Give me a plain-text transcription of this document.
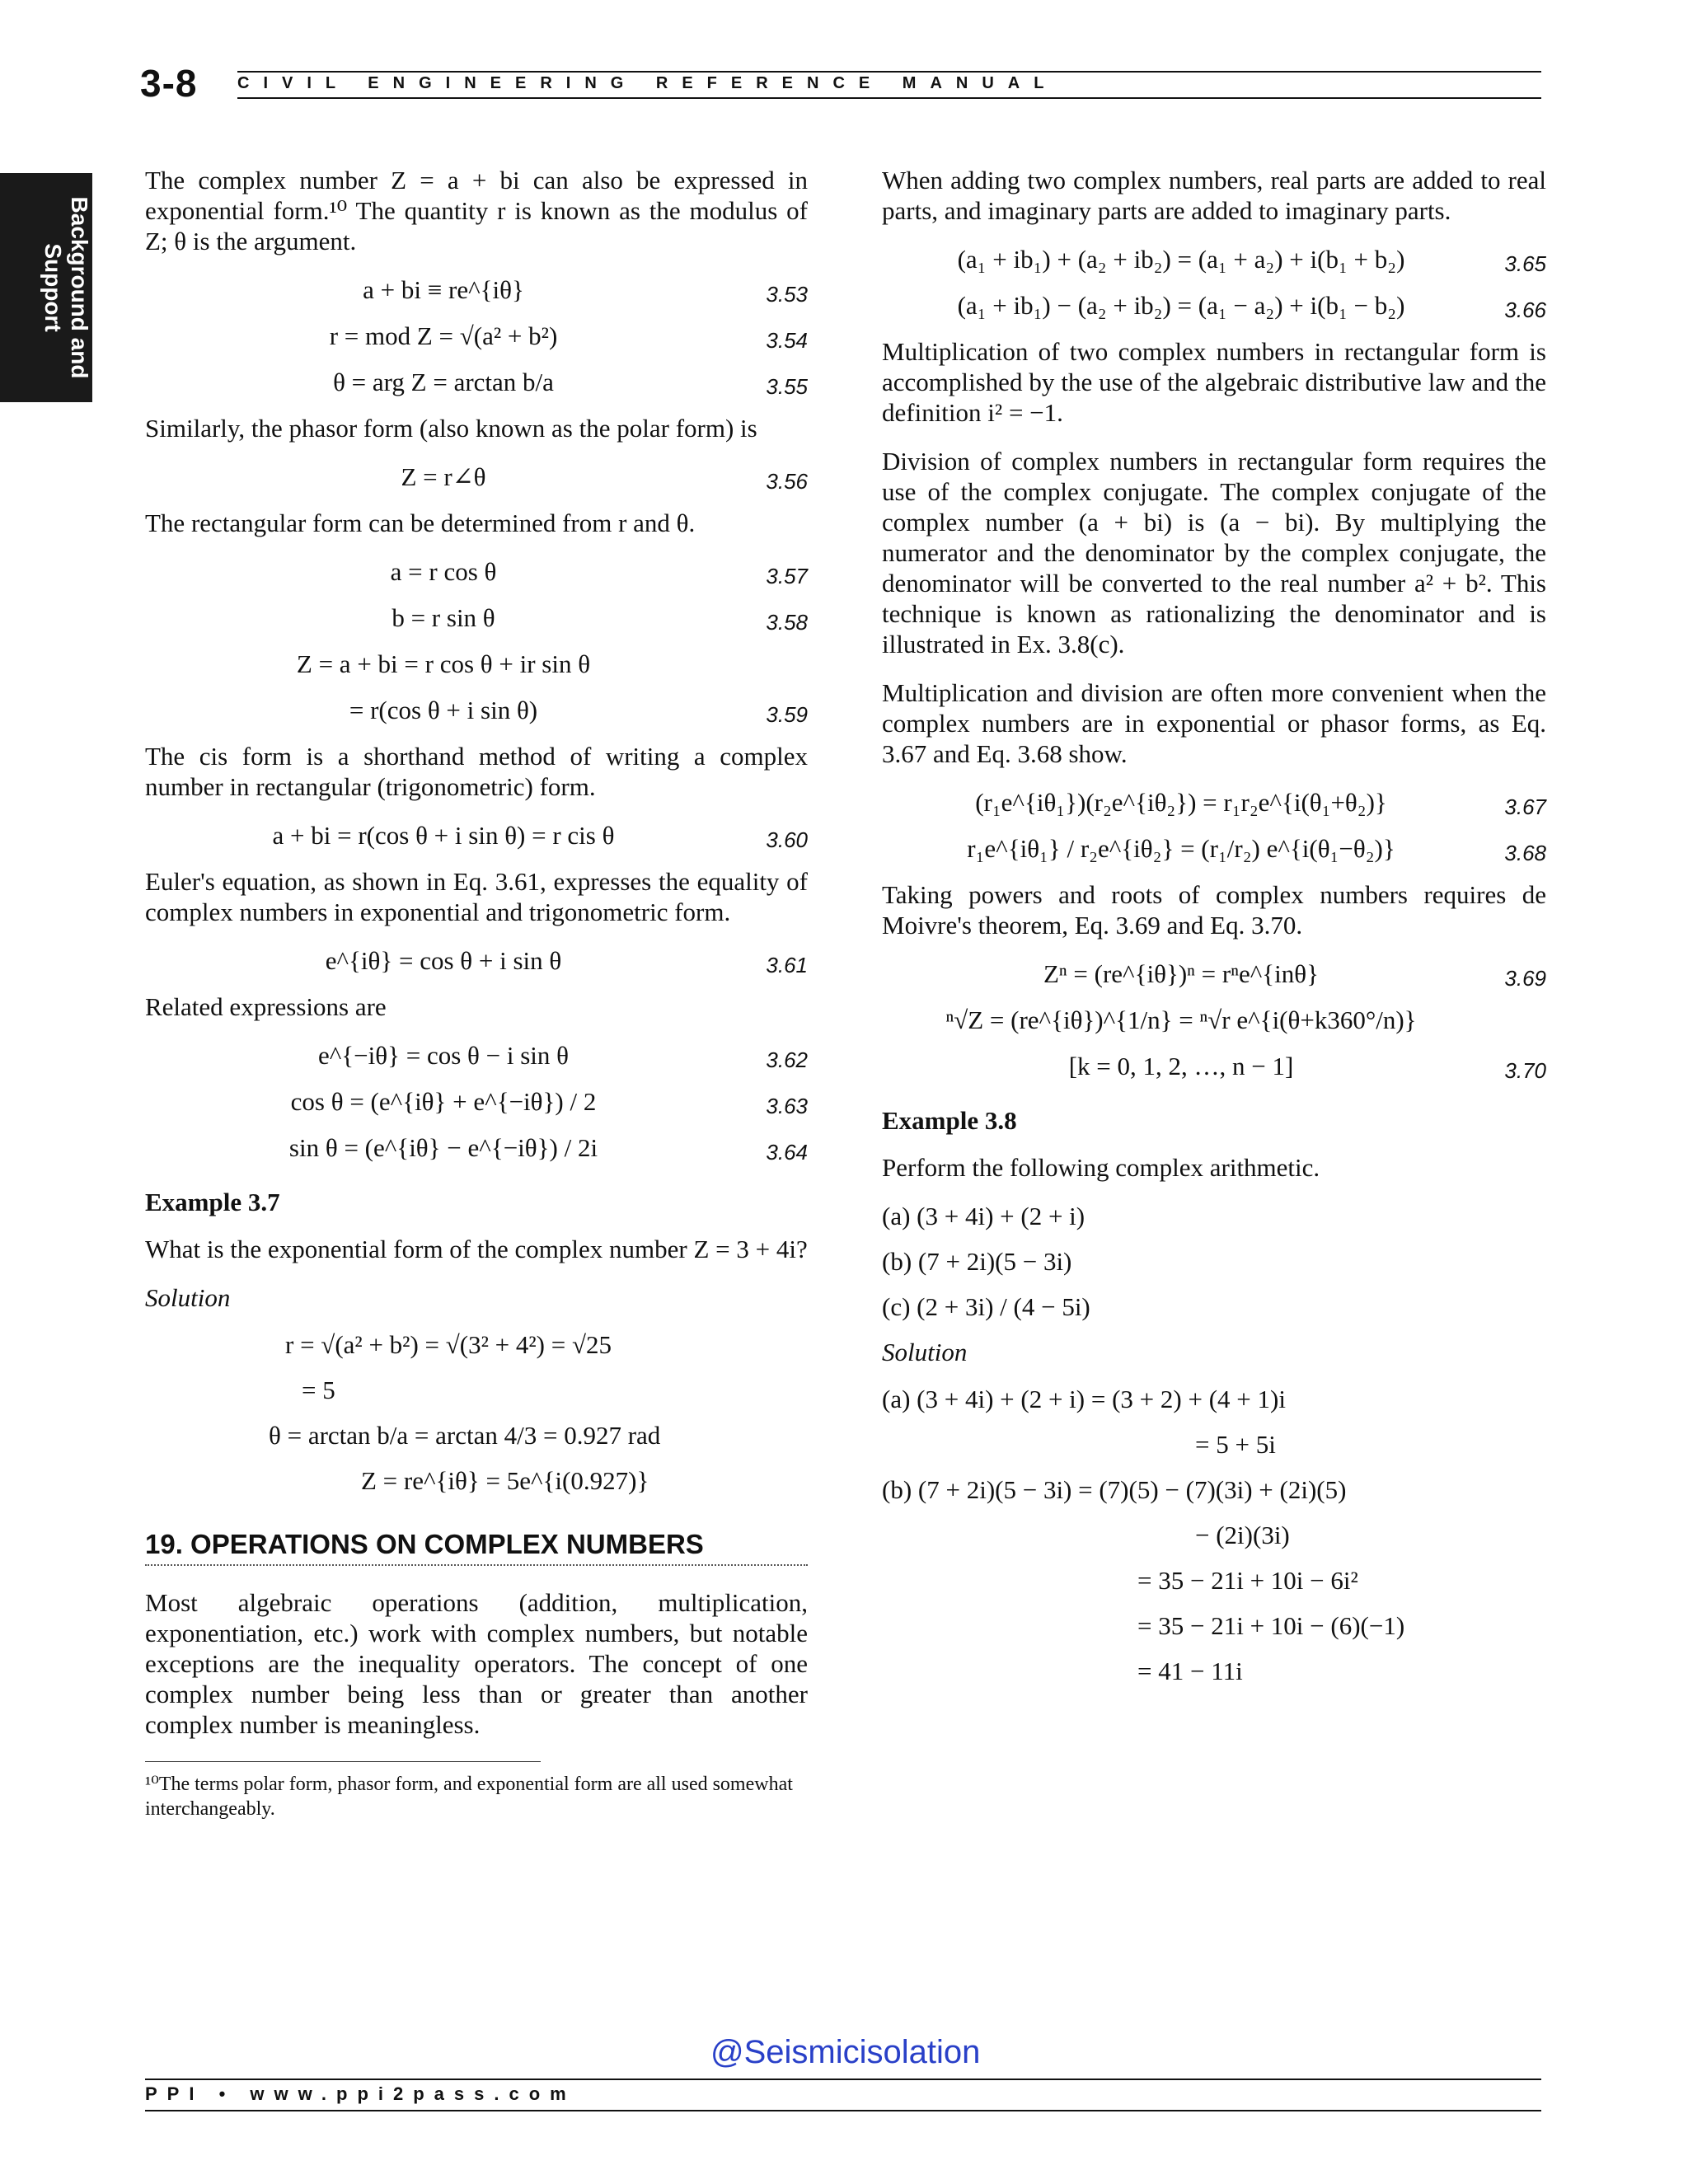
3-8 CIVIL ENGINEERING REFERENCE MANUAL
Background and Support

The complex number Z = a + bi can also be expressed in exponential form.¹⁰ The quantity r is known as the modulus of Z; θ is the argument.

a + bi ≡ re^{iθ}	3.53
r = mod Z = √(a² + b²)	3.54
θ = arg Z = arctan b/a	3.55

Similarly, the phasor form (also known as the polar form) is

Z = r∠θ	3.56

The rectangular form can be determined from r and θ.

a = r cos θ	3.57
b = r sin θ	3.58
Z = a + bi = r cos θ + ir sin θ
= r(cos θ + i sin θ)	3.59

The cis form is a shorthand method of writing a complex number in rectangular (trigonometric) form.

a + bi = r(cos θ + i sin θ) = r cis θ	3.60

Euler's equation, as shown in Eq. 3.61, expresses the equality of complex numbers in exponential and trigonometric form.

e^{iθ} = cos θ + i sin θ	3.61

Related expressions are

e^{−iθ} = cos θ − i sin θ	3.62
cos θ = (e^{iθ} + e^{−iθ}) / 2	3.63
sin θ = (e^{iθ} − e^{−iθ}) / 2i	3.64
Example 3.7

What is the exponential form of the complex number Z = 3 + 4i?

Solution
r = √(a² + b²) = √(3² + 4²) = √25
= 5
θ = arctan b/a = arctan 4/3 = 0.927 rad
Z = re^{iθ} = 5e^{i(0.927)}
19. OPERATIONS ON COMPLEX NUMBERS

Most algebraic operations (addition, multiplication, exponentiation, etc.) work with complex numbers, but notable exceptions are the inequality operators. The concept of one complex number being less than or greater than another complex number is meaningless.

¹⁰The terms polar form, phasor form, and exponential form are all used somewhat interchangeably.

When adding two complex numbers, real parts are added to real parts, and imaginary parts are added to imaginary parts.

(a₁ + ib₁) + (a₂ + ib₂) = (a₁ + a₂) + i(b₁ + b₂)	3.65
(a₁ + ib₁) − (a₂ + ib₂) = (a₁ − a₂) + i(b₁ − b₂)	3.66

Multiplication of two complex numbers in rectangular form is accomplished by the use of the algebraic distributive law and the definition i² = −1.

Division of complex numbers in rectangular form requires the use of the complex conjugate. The complex conjugate of the complex number (a + bi) is (a − bi). By multiplying the numerator and the denominator by the complex conjugate, the denominator will be converted to the real number a² + b². This technique is known as rationalizing the denominator and is illustrated in Ex. 3.8(c).

Multiplication and division are often more convenient when the complex numbers are in exponential or phasor forms, as Eq. 3.67 and Eq. 3.68 show.

(r₁e^{iθ₁})(r₂e^{iθ₂}) = r₁r₂e^{i(θ₁+θ₂)}	3.67
r₁e^{iθ₁} / r₂e^{iθ₂} = (r₁/r₂) e^{i(θ₁−θ₂)}	3.68

Taking powers and roots of complex numbers requires de Moivre's theorem, Eq. 3.69 and Eq. 3.70.

Zⁿ = (re^{iθ})ⁿ = rⁿe^{inθ}	3.69
ⁿ√Z = (re^{iθ})^{1/n} = ⁿ√r e^{i(θ+k360°/n)}
[k = 0, 1, 2, …, n − 1]	3.70
Example 3.8

Perform the following complex arithmetic.

(a) (3 + 4i) + (2 + i)
(b) (7 + 2i)(5 − 3i)
(c) (2 + 3i) / (4 − 5i)
Solution
(a) (3 + 4i) + (2 + i) = (3 + 2) + (4 + 1)i
= 5 + 5i
(b) (7 + 2i)(5 − 3i) = (7)(5) − (7)(3i) + (2i)(5)
− (2i)(3i)
= 35 − 21i + 10i − 6i²
= 35 − 21i + 10i − (6)(−1)
= 41 − 11i
@Seismicisolation
PPI • www.ppi2pass.com
